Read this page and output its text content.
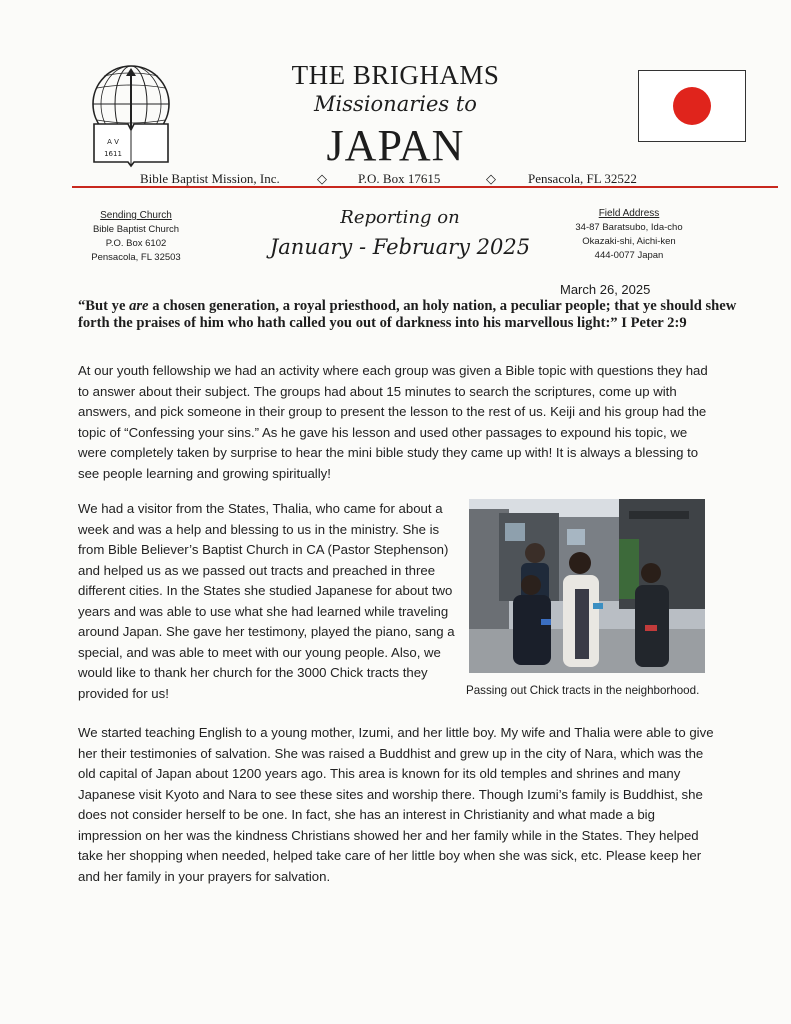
A V
1611
THE BRIGHAMS
Missionaries to
JAPAN
Bible Baptist Mission, Inc.	◇ P.O. Box 17615	◇ Pensacola, FL 32522
Sending Church
Bible Baptist Church
P.O. Box 6102
Pensacola, FL 32503
Reporting on
January - February 2025
Field Address
34-87 Baratsubo, Ida-cho
Okazaki-shi, Aichi-ken
444-0077 Japan
March 26, 2025
“But ye are a chosen generation, a royal priesthood, an holy nation, a peculiar people; that ye should shew forth the praises of him who hath called you out of darkness into his marvellous light:” I Peter 2:9
At our youth fellowship we had an activity where each group was given a Bible topic with questions they had to answer about their subject. The groups had about 15 minutes to search the scriptures, come up with answers, and pick someone in their group to present the lesson to the rest of us. Keiji and his group had the topic of “Confessing your sins.” As he gave his lesson and used other passages to expound his topic, we were completely taken by surprise to hear the mini bible study they came up with! It is always a blessing to see people learning and growing spiritually!
We had a visitor from the States, Thalia, who came for about a week and was a help and blessing to us in the ministry. She is from Bible Believer’s Baptist Church in CA (Pastor Stephenson) and helped us as we passed out tracts and preached in three different cities. In the States she studied Japanese for about two years and was able to use what she had learned while traveling around Japan. She gave her testimony, played the piano, sang a special, and was able to meet with our young people. Also, we would like to thank her church for the 3000 Chick tracts they provided for us!	Passing out Chick tracts in the neighborhood.
We started teaching English to a young mother, Izumi, and her little boy. My wife and Thalia were able to give her their testimonies of salvation. She was raised a Buddhist and grew up in the city of Nara, which was the old capital of Japan about 1200 years ago. This area is known for its old temples and shrines and many Japanese visit Kyoto and Nara to see these sites and worship there. Though Izumi’s family is Buddhist, she does not consider herself to be one. In fact, she has an interest in Christianity and what made a big impression on her was the kindness Christians showed her and her family while in the States. They helped take her shopping when needed, helped take care of her little boy when she was sick, etc. Please keep her and her family in your prayers for salvation.
